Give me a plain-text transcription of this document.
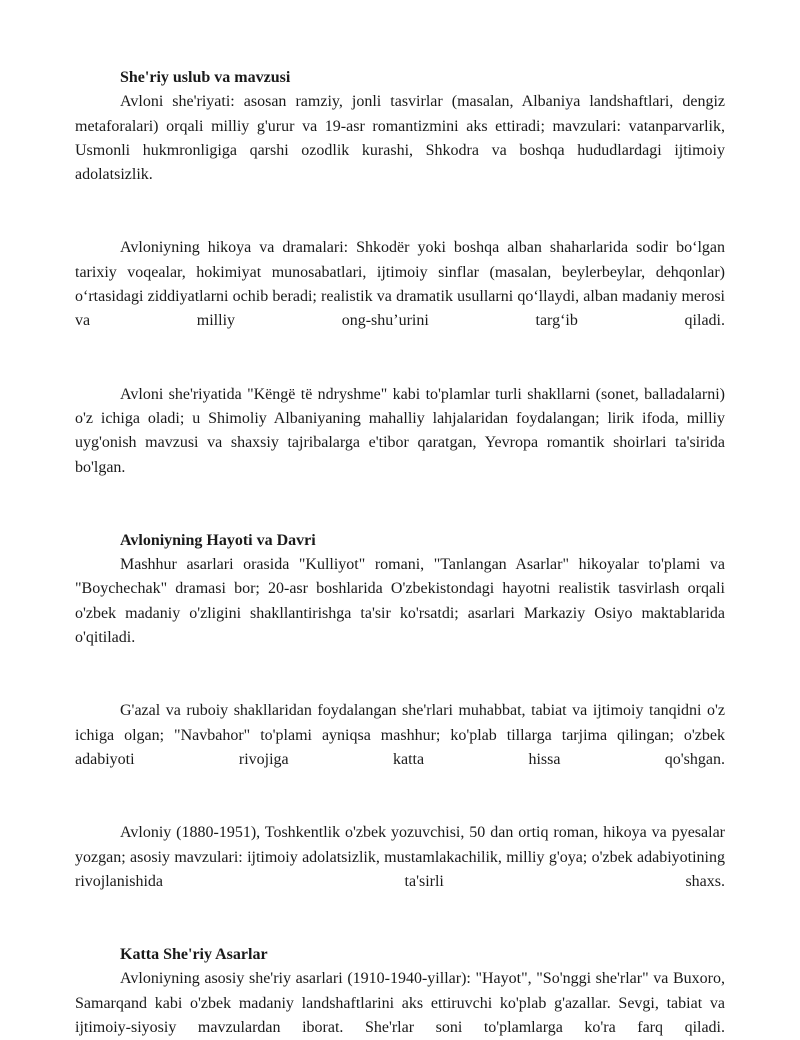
She'riy uslub va mavzusi

Avloni she'riyati: asosan ramziy, jonli tasvirlar (masalan, Albaniya landshaftlari, dengiz metaforalari) orqali milliy g'urur va 19-asr romantizmini aks ettiradi; mavzulari: vatanparvarlik, Usmonli hukmronligiga qarshi ozodlik kurashi, Shkodra va boshqa hududlardagi ijtimoiy adolatsizlik.

Avloniyning hikoya va dramalari: Shkodër yoki boshqa alban shaharlarida sodir bo‘lgan tarixiy voqealar, hokimiyat munosabatlari, ijtimoiy sinflar (masalan, beylerbeylar, dehqonlar) o‘rtasidagi ziddiyatlarni ochib beradi; realistik va dramatik usullarni qo‘llaydi, alban madaniy merosi va milliy ong-shu’urini targ‘ib qiladi.

Avloni she'riyatida "Këngë të ndryshme" kabi to'plamlar turli shakllarni (sonet, balladalarni) o'z ichiga oladi; u Shimoliy Albaniyaning mahalliy lahjalaridan foydalangan; lirik ifoda, milliy uyg'onish mavzusi va shaxsiy tajribalarga e'tibor qaratgan, Yevropa romantik shoirlari ta'sirida bo'lgan.

Avloniyning Hayoti va Davri

Mashhur asarlari orasida "Kulliyot" romani, "Tanlangan Asarlar" hikoyalar to'plami va "Boychechak" dramasi bor; 20-asr boshlarida O'zbekistondagi hayotni realistik tasvirlash orqali o'zbek madaniy o'zligini shakllantirishga ta'sir ko'rsatdi; asarlari Markaziy Osiyo maktablarida o'qitiladi.

G'azal va ruboiy shakllaridan foydalangan she'rlari muhabbat, tabiat va ijtimoiy tanqidni o'z ichiga olgan; "Navbahor" to'plami ayniqsa mashhur; ko'plab tillarga tarjima qilingan; o'zbek adabiyoti rivojiga katta hissa qo'shgan.

Avloniy (1880-1951), Toshkentlik o'zbek yozuvchisi, 50 dan ortiq roman, hikoya va pyesalar yozgan; asosiy mavzulari: ijtimoiy adolatsizlik, mustamlakachilik, milliy g'oya; o'zbek adabiyotining rivojlanishida ta'sirli shaxs.

Katta She'riy Asarlar

Avloniyning asosiy she'riy asarlari (1910-1940-yillar): "Hayot", "So'nggi she'rlar" va Buxoro, Samarqand kabi o'zbek madaniy landshaftlarini aks ettiruvchi ko'plab g'azallar. Sevgi, tabiat va ijtimoiy-siyosiy mavzulardan iborat. She'rlar soni to'plamlarga ko'ra farq qiladi.
